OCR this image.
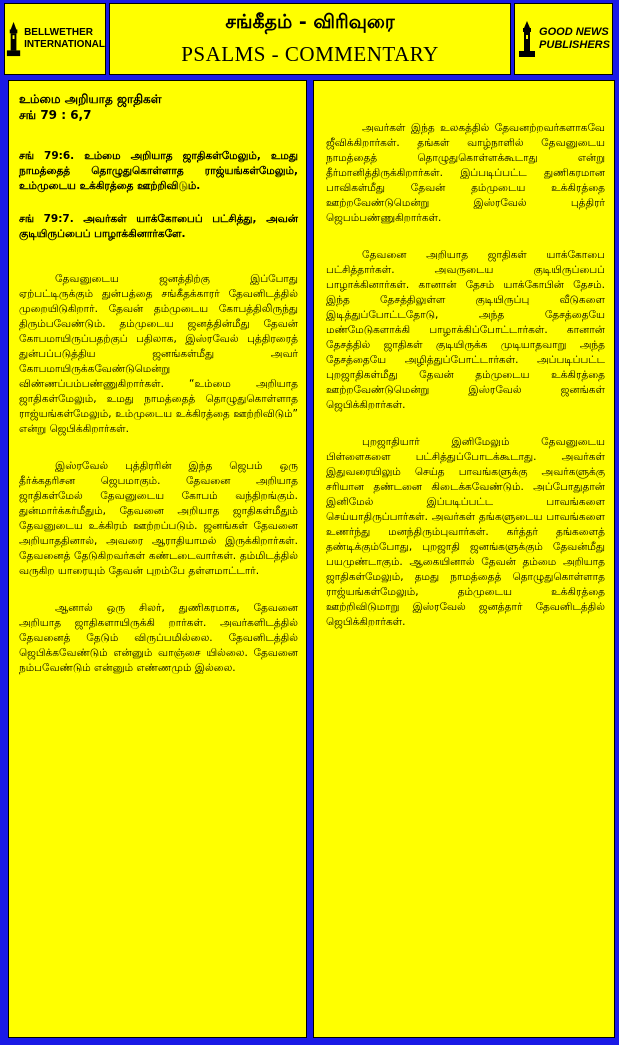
BELLWETHER
INTERNATIONAL
சங்கீதம் - விரிவுரை
PSALMS - COMMENTARY
GOOD NEWS
PUBLISHERS
உம்மை அறியாத ஜாதிகள்
சங் 79 : 6,7

சங் 79:6. உம்மை அறியாத ஜாதிகள்மேலும், உமது நாமத்தைத் தொழுதுகொள்ளாத ராஜ்யங்கள்மேலும், உம்முடைய உக்கிரத்தை ஊற்றிவிடும்.

சங் 79:7. அவர்கள் யாக்கோபைப் பட்சித்து, அவன் குடியிருப்பைப் பாழாக்கினார்களே.

தேவனுடைய ஜனத்திற்கு இப்போது ஏற்பட்டிருக்கும் துன்பத்தை சங்கீதக்காரர் தேவனிடத்தில் முறையிடுகிறார். தேவன் தம்முடைய கோபத்திலிருந்து திரும்பவேண்டும். தம்முடைய ஜனத்தின்மீது தேவன் கோபமாயிருப்பதற்குப் பதிலாக, இஸ்ரவேல் புத்திரரைத் துன்பப்படுத்திய ஜனங்கள்மீது அவர் கோபமாயிருக்கவேண்டுமென்று விண்ணப்பம்பண்ணுகிறார்கள். “உம்மை அறியாத ஜாதிகள்மேலும், உமது நாமத்தைத் தொழுதுகொள்ளாத ராஜ்யங்கள்மேலும், உம்முடைய உக்கிரத்தை ஊற்றிவிடும்” என்று ஜெபிக்கிறார்கள்.

இஸ்ரவேல் புத்திரரின் இந்த ஜெபம் ஒரு தீர்க்கதரிசன ஜெபமாகும். தேவனை அறியாத ஜாதிகள்மேல் தேவனுடைய கோபம் வந்திறங்கும். துன்மார்க்கர்மீதும், தேவனை அறியாத ஜாதிகள்மீதும் தேவனுடைய உக்கிரம் ஊற்றப்படும். ஜனங்கள் தேவனை அறியாததினால், அவரை ஆராதியாமல் இருக்கிறார்கள். தேவனைத் தேடுகிறவர்கள் கண்டடைவார்கள். தம்மிடத்தில் வருகிற யாரையும் தேவன் புறம்பே தள்ளமாட்டார்.

ஆனால் ஒரு சிலர், துணிகரமாக, தேவனை அறியாத ஜாதிகளாயிருக்கி றார்கள். அவர்களிடத்தில் தேவனைத் தேடும் விருப்பமில்லை. தேவனிடத்தில் ஜெபிக்கவேண்டும் என்னும் வாஞ்சை யில்லை. தேவனை நம்பவேண்டும் என்னும் எண்ணமும் இல்லை.

அவர்கள் இந்த உலகத்தில் தேவனற்றவர்களாகவே ஜீவிக்கிறார்கள். தங்கள் வாழ்நாளில் தேவனுடைய நாமத்தைத் தொழுதுகொள்ளக்கூடாது என்று தீர்மானித்திருக்கிறார்கள். இப்படிப்பட்ட துணிகரமான பாவிகள்மீது தேவன் தம்முடைய உக்கிரத்தை ஊற்றவேண்டுமென்று இஸ்ரவேல் புத்திரர் ஜெபம்பண்ணுகிறார்கள்.

தேவனை அறியாத ஜாதிகள் யாக்கோபை பட்சித்தார்கள். அவருடைய குடியிருப்பைப் பாழாக்கினார்கள். கானான் தேசம் யாக்கோபின் தேசம். இந்த தேசத்திலுள்ள குடியிருப்பு வீடுகளை இடித்துப்போட்டதோடு, அந்த தேசத்தையே மண்மேடுகளாக்கி பாழாக்கிப்போட்டார்கள். கானான் தேசத்தில் ஜாதிகள் குடியிருக்க முடியாதவாறு அந்த தேசத்தையே அழித்துப்போட்டார்கள். அப்படிப்பட்ட புறஜாதிகள்மீது தேவன் தம்முடைய உக்கிரத்தை ஊற்றவேண்டுமென்று இஸ்ரவேல் ஜனங்கள் ஜெபிக்கிறார்கள்.

புறஜாதியார் இனிமேலும் தேவனுடைய பிள்ளைகளை பட்சித்துப்போடக்கூடாது. அவர்கள் இதுவரையிலும் செய்த பாவங்களுக்கு அவர்களுக்கு சரியான தண்டனை கிடைக்கவேண்டும். அப்போதுதான் இனிமேல் இப்படிப்பட்ட பாவங்களை செய்யாதிருப்பார்கள். அவர்கள் தங்களுடைய பாவங்களை உணர்ந்து மனந்திரும்புவார்கள். கர்த்தர் தங்களைத் தண்டிக்கும்போது, புறஜாதி ஜனங்களுக்கும் தேவன்மீது பயமுண்டாகும். ஆகையினால் தேவன் தம்மை அறியாத ஜாதிகள்மேலும், தமது நாமத்தைத் தொழுதுகொள்ளாத ராஜ்யங்கள்மேலும், தம்முடைய உக்கிரத்தை ஊற்றிவிடுமாறு இஸ்ரவேல் ஜனத்தார் தேவனிடத்தில் ஜெபிக்கிறார்கள்.
